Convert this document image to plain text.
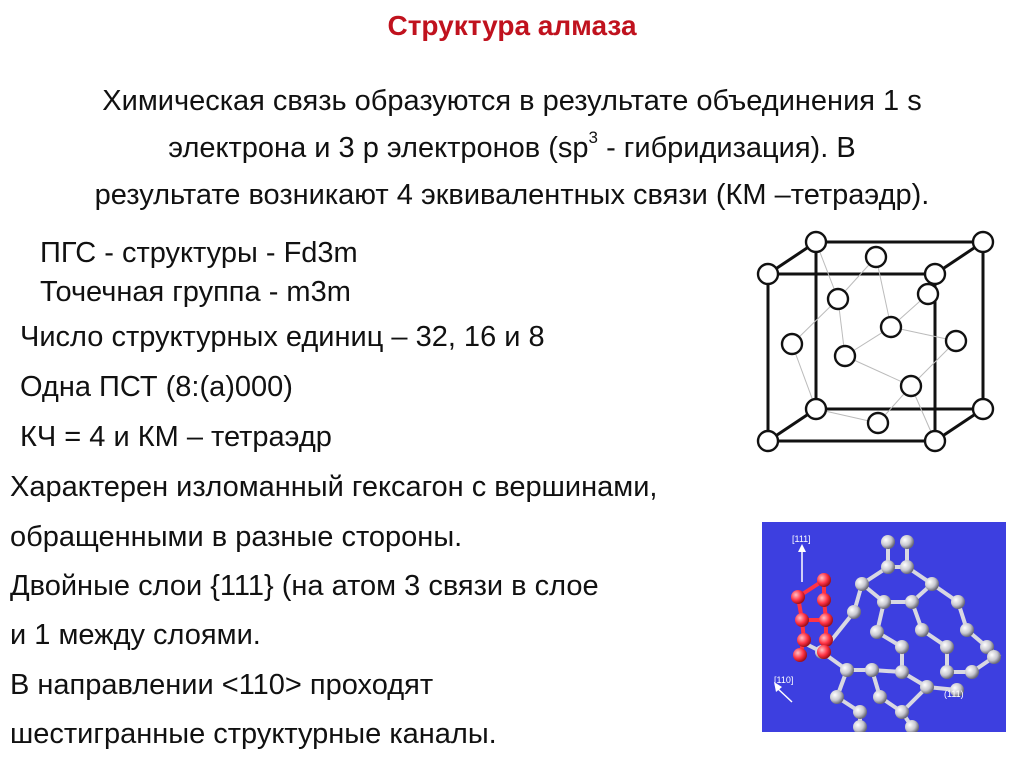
Структура алмаза
Химическая связь образуются в результате объединения 1 s
электрона и 3 p электронов ($sp^3$ - гибридизация). В
результате возникают 4 эквивалентных связи (КМ –тетраэдр).
ПГС - структуры - Fd3m
Точечная группа - m3m
Число структурных единиц – 32, 16 и 8
Одна ПСТ (8:(a)000)
КЧ = 4 и КМ – тетраэдр
Характерен изломанный гексагон с вершинами,
обращенными в разные стороны.
Двойные слои {111} (на атом 3 связи в слое
и 1 между слоями.
В направлении <110> проходят
шестигранные структурные каналы.
[111]
[110]
(111)
